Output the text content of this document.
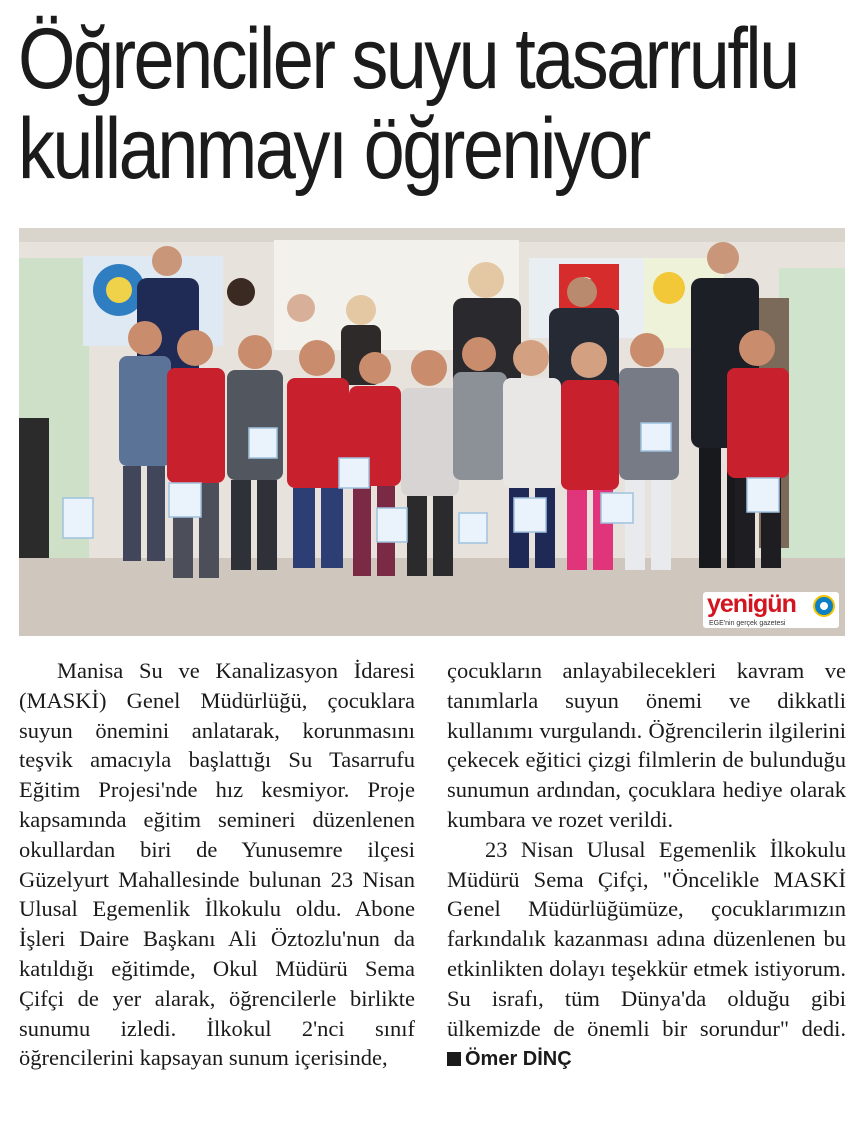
Öğrenciler suyu tasarruflu
kullanmayı öğreniyor
yenigün
EGE'nin gerçek gazetesi

Manisa Su ve Kanalizasyon İdaresi (MASKİ) Genel Müdürlüğü, çocuklara suyun önemini anlatarak, korunmasını teşvik amacıyla başlattığı Su Tasarrufu Eğitim Projesi'nde hız kesmiyor. Proje kapsamında eğitim semineri düzenlenen okullardan biri de Yunusemre ilçesi Güzelyurt Mahallesinde bulunan 23 Nisan Ulusal Egemenlik İlkokulu oldu. Abone İşleri Daire Başkanı Ali Öztozlu'nun da katıldığı eğitimde, Okul Müdürü Sema Çifçi de yer alarak, öğrencilerle birlikte sunumu izledi. İlkokul 2'nci sınıf öğrencilerini kapsayan sunum içerisinde,

çocukların anlayabilecekleri kavram ve tanımlarla suyun önemi ve dikkatli kullanımı vurgulandı. Öğrencilerin ilgilerini çekecek eğitici çizgi filmlerin de bulunduğu sunumun ardından, çocuklara hediye olarak kumbara ve rozet verildi.

23 Nisan Ulusal Egemenlik İlkokulu Müdürü Sema Çifçi, "Öncelikle MASKİ Genel Müdürlüğümüze, çocuklarımızın farkındalık kazanması adına düzenlenen bu etkinlikten dolayı teşekkür etmek istiyorum. Su israfı, tüm Dünya'da olduğu gibi ülkemizde de önemli bir sorundur" dedi. Ömer DİNÇ
